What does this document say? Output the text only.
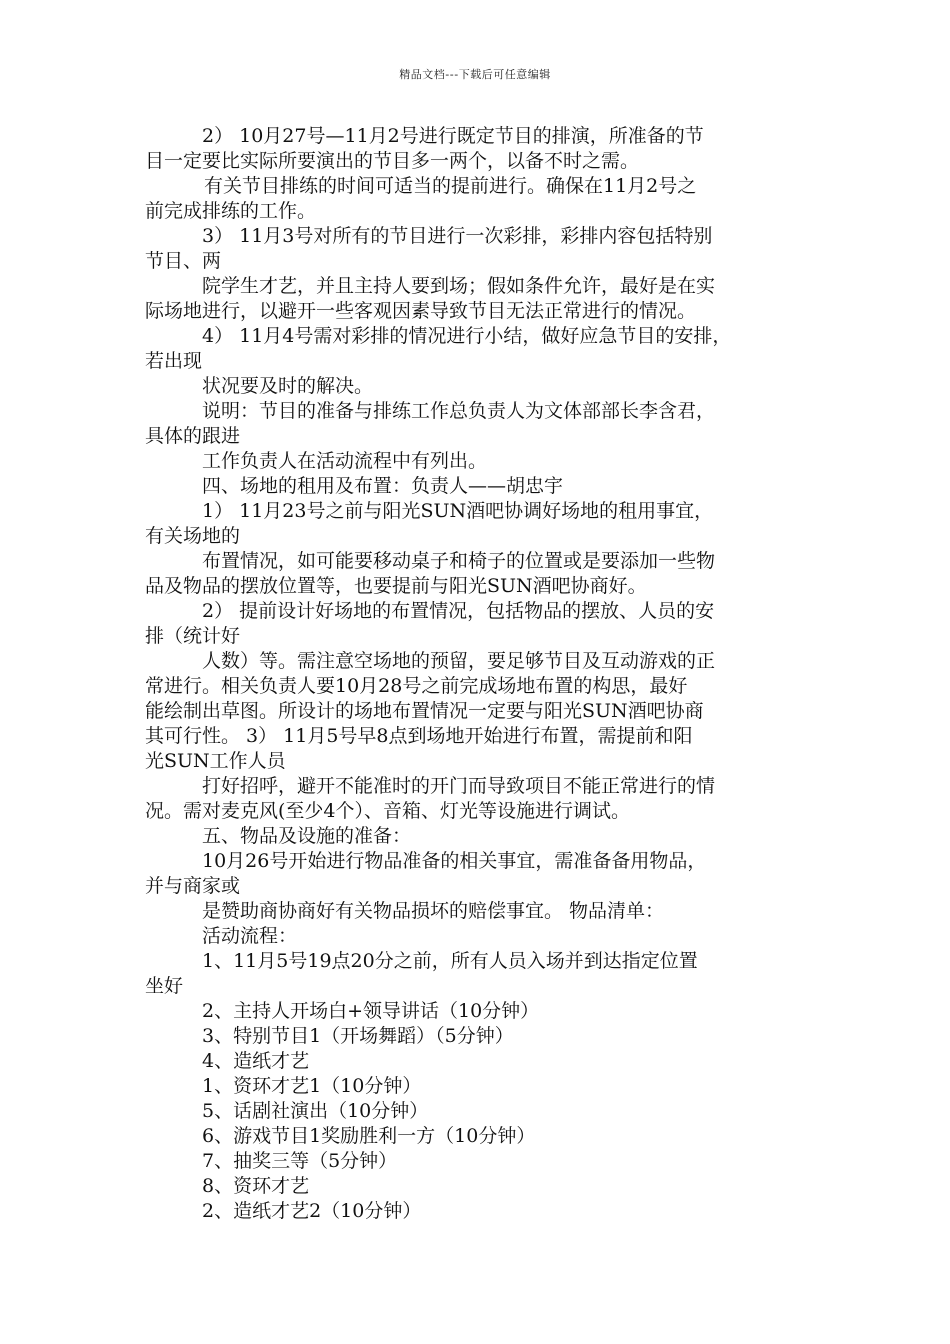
精品文档---下载后可任意编辑
2） 10月27号—11月2号进行既定节目的排演，所准备的节
目一定要比实际所要演出的节目多一两个，以备不时之需。
有关节目排练的时间可适当的提前进行。确保在11月2号之
前完成排练的工作。
3） 11月3号对所有的节目进行一次彩排，彩排内容包括特别
节目、两
院学生才艺，并且主持人要到场；假如条件允许，最好是在实
际场地进行，以避开一些客观因素导致节目无法正常进行的情况。
4） 11月4号需对彩排的情况进行小结，做好应急节目的安排，
若出现
状况要及时的解决。
说明：节目的准备与排练工作总负责人为文体部部长李含君，
具体的跟进
工作负责人在活动流程中有列出。
四、场地的租用及布置：负责人——胡忠宇
1） 11月23号之前与阳光SUN酒吧协调好场地的租用事宜，
有关场地的
布置情况，如可能要移动桌子和椅子的位置或是要添加一些物
品及物品的摆放位置等，也要提前与阳光SUN酒吧协商好。
2） 提前设计好场地的布置情况，包括物品的摆放、人员的安
排（统计好
人数）等。需注意空场地的预留，要足够节目及互动游戏的正
常进行。相关负责人要10月28号之前完成场地布置的构思，最好
能绘制出草图。所设计的场地布置情况一定要与阳光SUN酒吧协商
其可行性。 3） 11月5号早8点到场地开始进行布置，需提前和阳
光SUN工作人员
打好招呼，避开不能准时的开门而导致项目不能正常进行的情
况。需对麦克风(至少4个）、音箱、灯光等设施进行调试。
五、物品及设施的准备：
10月26号开始进行物品准备的相关事宜，需准备备用物品，
并与商家或
是赞助商协商好有关物品损坏的赔偿事宜。 物品清单：
活动流程：
1、11月5号19点20分之前，所有人员入场并到达指定位置
坐好
2、主持人开场白+领导讲话（10分钟）
3、特别节目1（开场舞蹈）（5分钟）
4、造纸才艺
1、资环才艺1（10分钟）
5、话剧社演出（10分钟）
6、游戏节目1奖励胜利一方（10分钟）
7、抽奖三等（5分钟）
8、资环才艺
2、造纸才艺2（10分钟）
